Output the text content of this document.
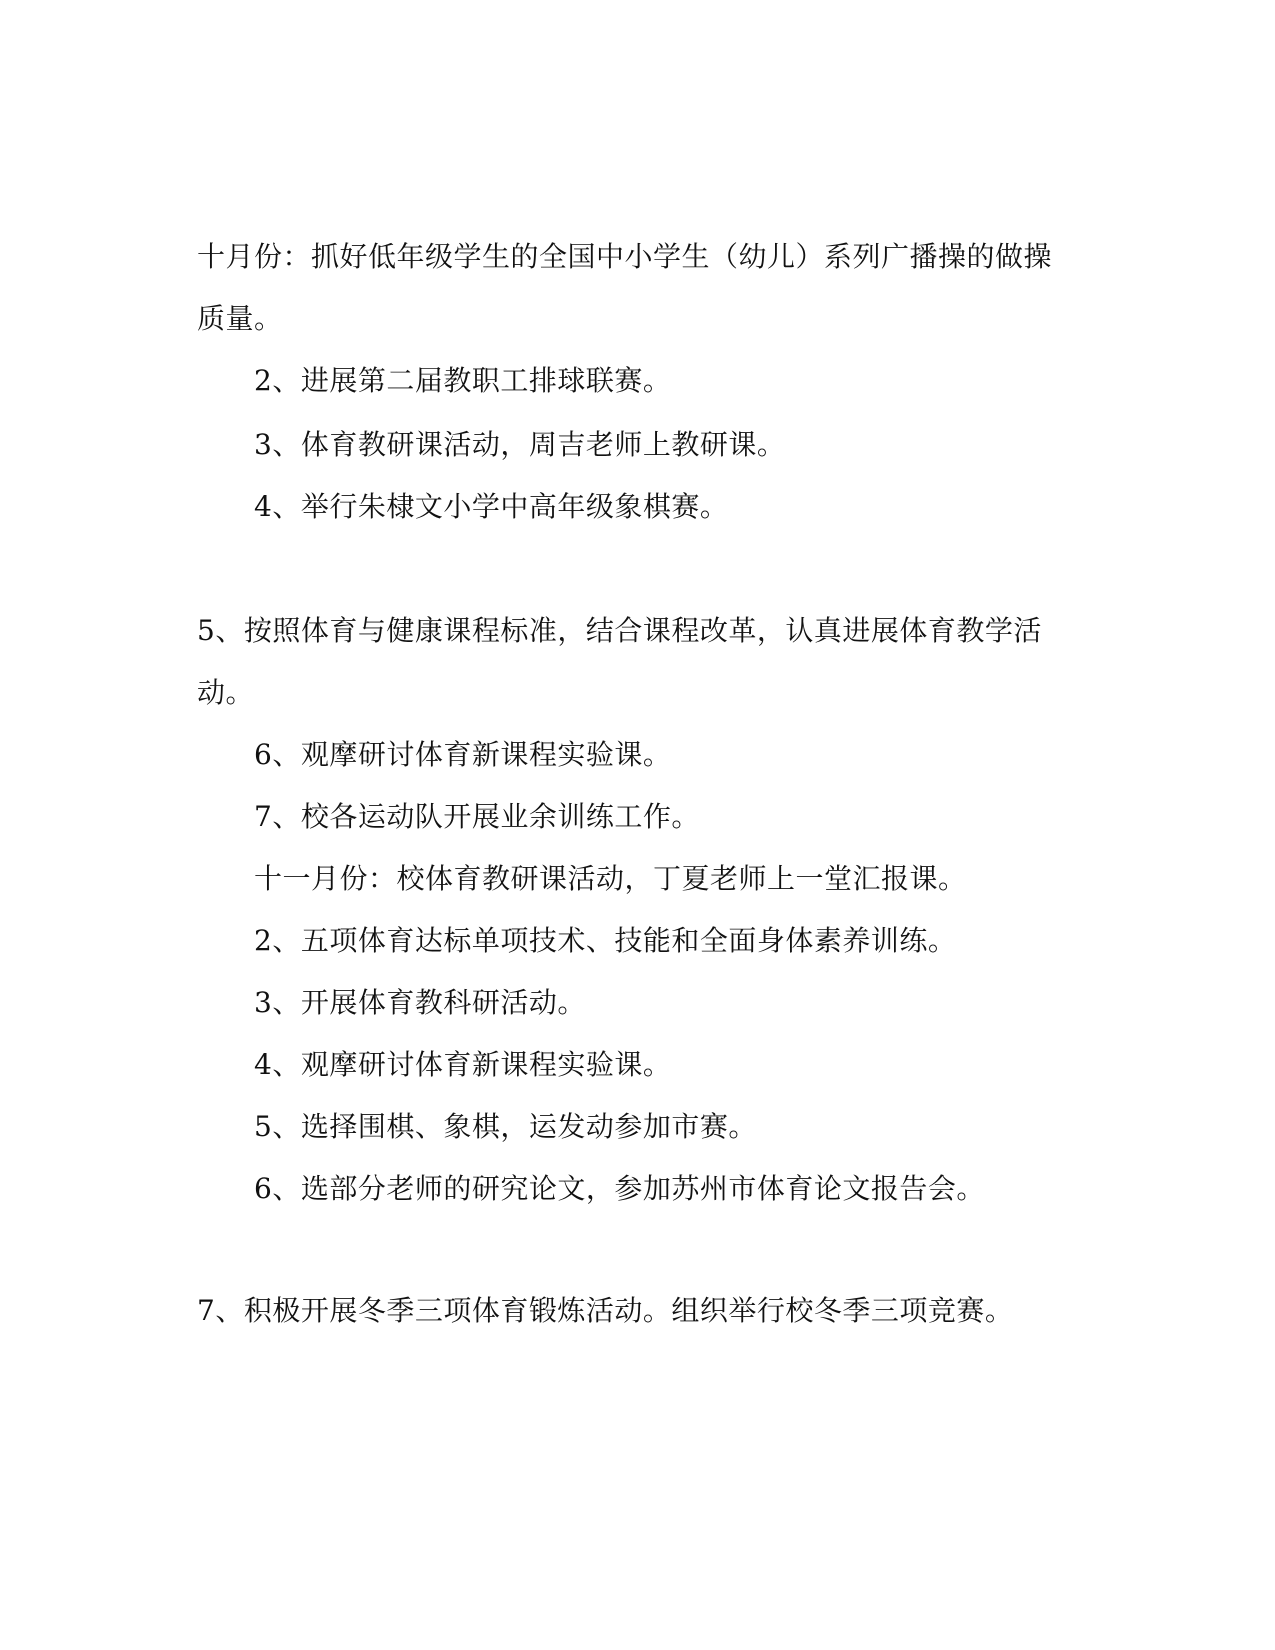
十月份：抓好低年级学生的全国中小学生（幼儿）系列广播操的做操
质量。
2、进展第二届教职工排球联赛。
3、体育教研课活动，周吉老师上教研课。
4、举行朱棣文小学中高年级象棋赛。
5、按照体育与健康课程标准，结合课程改革，认真进展体育教学活
动。
6、观摩研讨体育新课程实验课。
7、校各运动队开展业余训练工作。
十一月份：校体育教研课活动，丁夏老师上一堂汇报课。
2、五项体育达标单项技术、技能和全面身体素养训练。
3、开展体育教科研活动。
4、观摩研讨体育新课程实验课。
5、选择围棋、象棋，运发动参加市赛。
6、选部分老师的研究论文，参加苏州市体育论文报告会。
7、积极开展冬季三项体育锻炼活动。组织举行校冬季三项竞赛。
